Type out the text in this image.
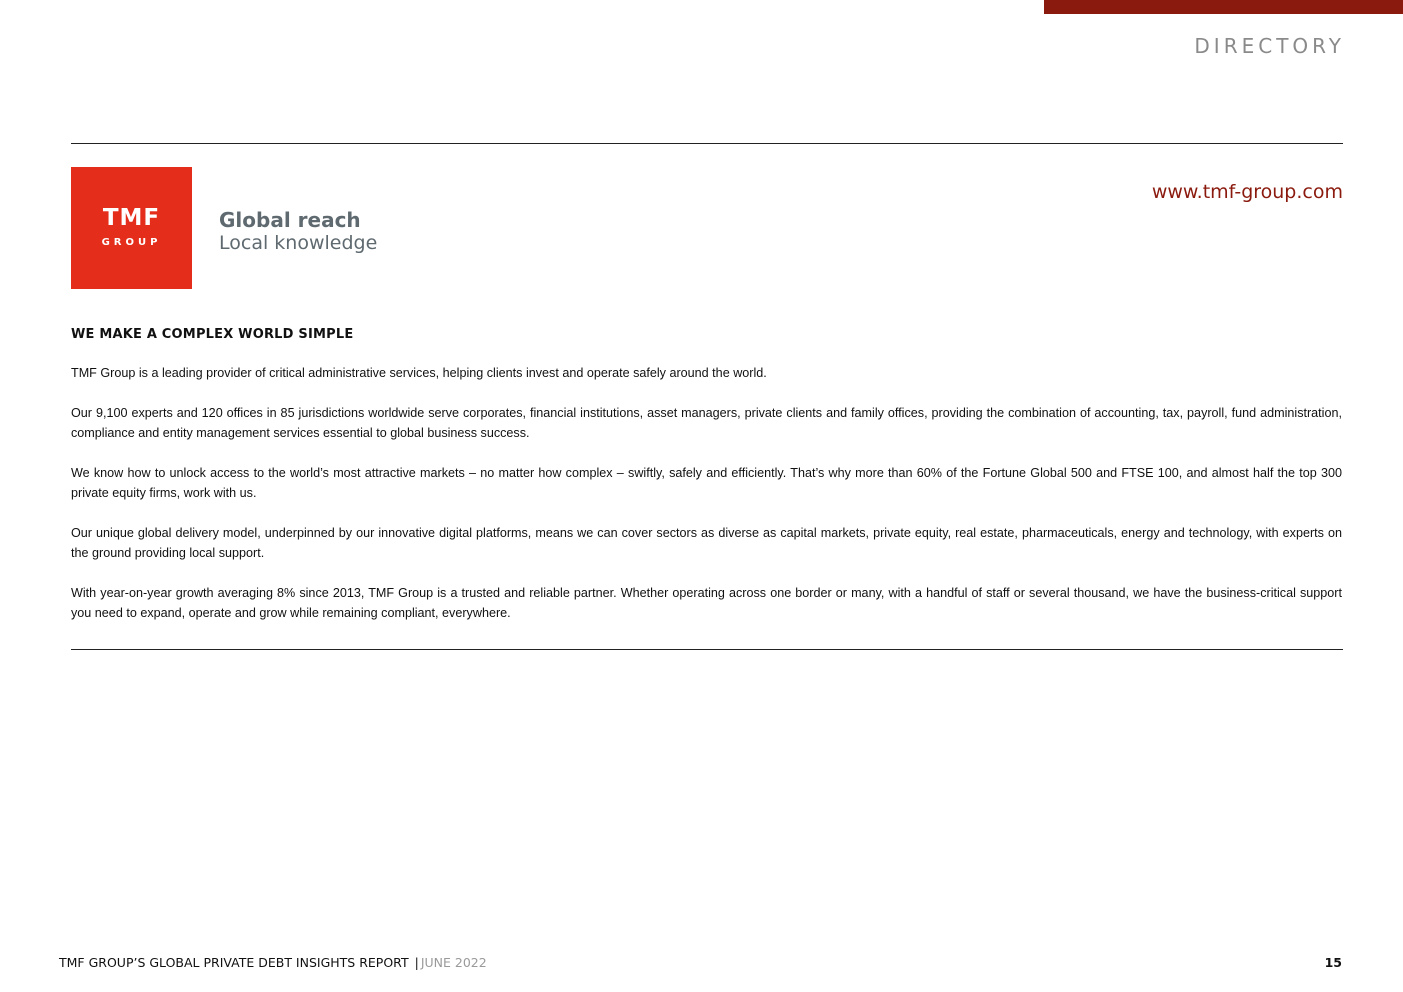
DIRECTORY
TMF
GROUP
Global reach
Local knowledge
www.tmf-group.com
WE MAKE A COMPLEX WORLD SIMPLE

TMF Group is a leading provider of critical administrative services, helping clients invest and operate safely around the world.

Our 9,100 experts and 120 offices in 85 jurisdictions worldwide serve corporates, financial institutions, asset managers, private clients and family offices, providing the combination of accounting, tax, payroll, fund administration, compliance and entity management services essential to global business success.

We know how to unlock access to the world’s most attractive markets – no matter how complex – swiftly, safely and efficiently. That’s why more than 60% of the Fortune Global 500 and FTSE 100, and almost half the top 300 private equity firms, work with us.

Our unique global delivery model, underpinned by our innovative digital platforms, means we can cover sectors as diverse as capital markets, private equity, real estate, pharmaceuticals, energy and technology, with experts on the ground providing local support.

With year-on-year growth averaging 8% since 2013, TMF Group is a trusted and reliable partner. Whether operating across one border or many, with a handful of staff or several thousand, we have the business-critical support you need to expand, operate and grow while remaining compliant, everywhere.

TMF GROUP’S GLOBAL PRIVATE DEBT INSIGHTS REPORT | JUNE 2022	15
